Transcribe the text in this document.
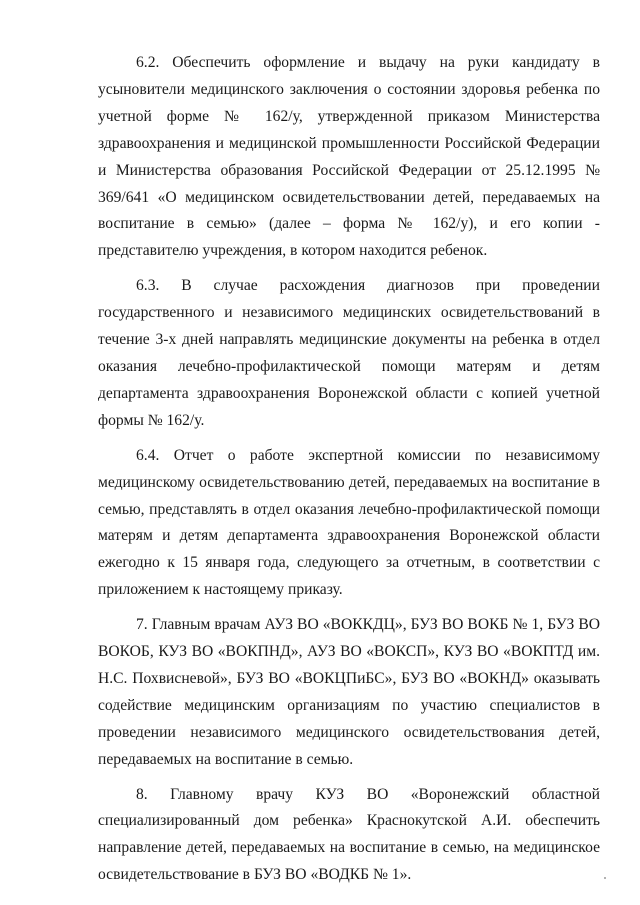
6.2. Обеспечить оформление и выдачу на руки кандидату в усыновители медицинского заключения о состоянии здоровья ребенка по учетной форме № 162/у, утвержденной приказом Министерства здравоохранения и медицинской промышленности Российской Федерации и Министерства образования Российской Федерации от 25.12.1995 № 369/641 «О медицинском освидетельствовании детей, передаваемых на воспитание в семью» (далее – форма № 162/у), и его копии - представителю учреждения, в котором находится ребенок.

6.3. В случае расхождения диагнозов при проведении государственного и независимого медицинских освидетельствований в течение 3-х дней направлять медицинские документы на ребенка в отдел оказания лечебно-профилактической помощи матерям и детям департамента здравоохранения Воронежской области с копией учетной формы № 162/у.

6.4. Отчет о работе экспертной комиссии по независимому медицинскому освидетельствованию детей, передаваемых на воспитание в семью, представлять в отдел оказания лечебно-профилактической помощи матерям и детям департамента здравоохранения Воронежской области ежегодно к 15 января года, следующего за отчетным, в соответствии с приложением к настоящему приказу.

7. Главным врачам АУЗ ВО «ВОККДЦ», БУЗ ВО ВОКБ № 1, БУЗ ВО ВОКОБ, КУЗ ВО «ВОКПНД», АУЗ ВО «ВОКСП», КУЗ ВО «ВОКПТД им. Н.С. Похвисневой», БУЗ ВО «ВОКЦПиБС», БУЗ ВО «ВОКНД» оказывать содействие медицинским организациям по участию специалистов в проведении независимого медицинского освидетельствования детей, передаваемых на воспитание в семью.

8. Главному врачу КУЗ ВО «Воронежский областной специализированный дом ребенка» Краснокутской А.И. обеспечить направление детей, передаваемых на воспитание в семью, на медицинское освидетельствование в БУЗ ВО «ВОДКБ № 1».
